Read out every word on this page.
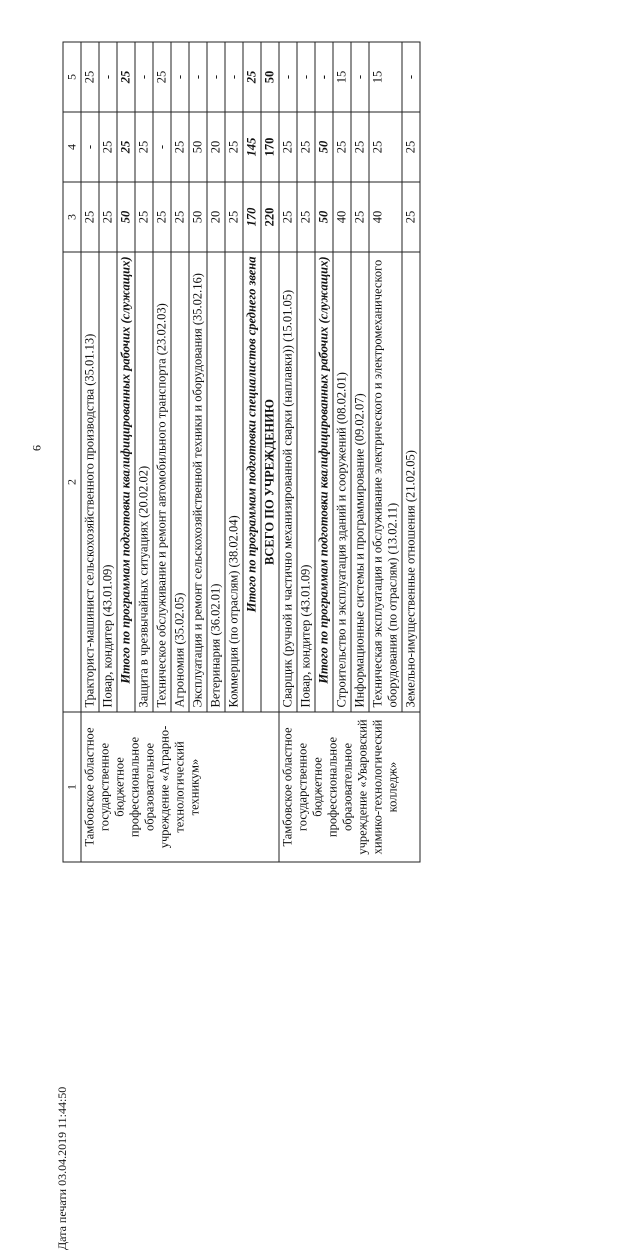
9
1	2	3	4	5
Тамбовское областное государственное бюджетное профессиональное образовательное учреждение «Аграрно-технологический техникум»	Тракторист-машинист сельскохозяйственного производства (35.01.13)	25	-	25
	Повар, кондитер (43.01.09)	25	25	-
	Итого по программам подготовки квалифицированных рабочих (служащих)	50	25	25
	Защита в чрезвычайных ситуациях (20.02.02)	25	25	-
	Техническое обслуживание и ремонт автомобильного транспорта (23.02.03)	25	-	25
	Агрономия (35.02.05)	25	25	-
	Эксплуатация и ремонт сельскохозяйственной техники и оборудования (35.02.16)	50	50	-
	Ветеринария (36.02.01)	20	20	-
	Коммерция (по отраслям) (38.02.04)	25	25	-
	Итого по программам подготовки специалистов среднего звена	170	145	25
	ВСЕГО ПО УЧРЕЖДЕНИЮ	220	170	50
Тамбовское областное государственное бюджетное профессиональное образовательное учреждение «Уваровский химико-технологический колледж»	Сварщик (ручной и частично механизированной сварки (наплавки)) (15.01.05)	25	25	-
	Повар, кондитер (43.01.09)	25	25	-
	Итого по программам подготовки квалифицированных рабочих (служащих)	50	50	-
	Строительство и эксплуатация зданий и сооружений (08.02.01)	40	25	15
	Информационные системы и программирование (09.02.07)	25	25	-
	Техническая эксплуатация и обслуживание электрического и электромеханического оборудования (по отраслям) (13.02.11)	40	25	15
	Земельно-имущественные отношения (21.02.05)	25	25	-
Дата печати 03.04.2019 11:44:50
